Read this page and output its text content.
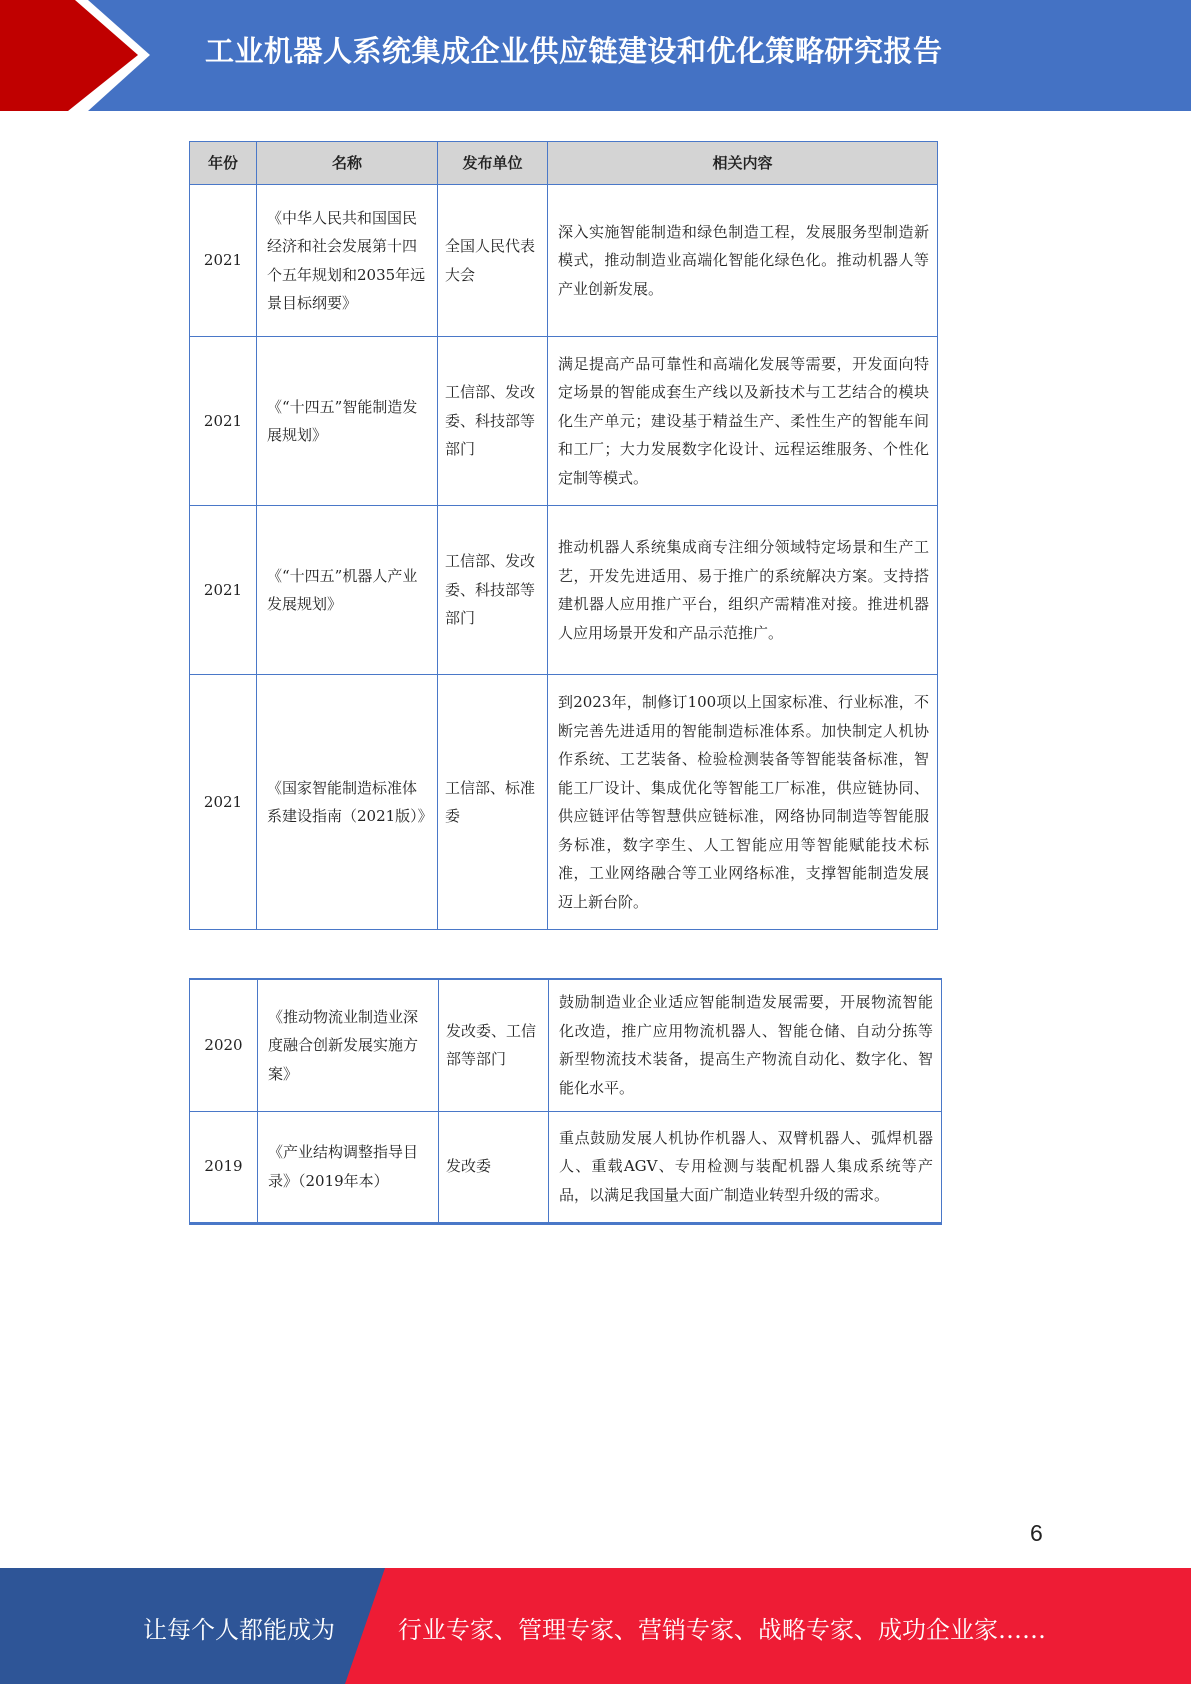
工业机器人系统集成企业供应链建设和优化策略研究报告
年份	名称	发布单位	相关内容
2021	《中华人民共和国国民经济和社会发展第十四个五年规划和2035年远景目标纲要》	全国人民代表大会	深入实施智能制造和绿色制造工程，发展服务型制造新模式，推动制造业高端化智能化绿色化。推动机器人等产业创新发展。
2021	《“十四五”智能制造发展规划》	工信部、发改委、科技部等部门	满足提高产品可靠性和高端化发展等需要，开发面向特定场景的智能成套生产线以及新技术与工艺结合的模块化生产单元；建设基于精益生产、柔性生产的智能车间和工厂；大力发展数字化设计、远程运维服务、个性化定制等模式。
2021	《“十四五”机器人产业发展规划》	工信部、发改委、科技部等部门	推动机器人系统集成商专注细分领域特定场景和生产工艺，开发先进适用、易于推广的系统解决方案。支持搭建机器人应用推广平台，组织产需精准对接。推进机器人应用场景开发和产品示范推广。
2021	《国家智能制造标准体系建设指南（2021版）》	工信部、标准委	到2023年，制修订100项以上国家标准、行业标准，不断完善先进适用的智能制造标准体系。加快制定人机协作系统、工艺装备、检验检测装备等智能装备标准，智能工厂设计、集成优化等智能工厂标准，供应链协同、供应链评估等智慧供应链标准，网络协同制造等智能服务标准，数字孪生、人工智能应用等智能赋能技术标准，工业网络融合等工业网络标准，支撑智能制造发展迈上新台阶。
2020	《推动物流业制造业深度融合创新发展实施方案》	发改委、工信部等部门	鼓励制造业企业适应智能制造发展需要，开展物流智能化改造，推广应用物流机器人、智能仓储、自动分拣等新型物流技术装备，提高生产物流自动化、数字化、智能化水平。
2019	《产业结构调整指导目录》（2019年本）	发改委	重点鼓励发展人机协作机器人、双臂机器人、弧焊机器人、重载AGV、专用检测与装配机器人集成系统等产品，以满足我国量大面广制造业转型升级的需求。
6
让每个人都能成为	行业专家、管理专家、营销专家、战略专家、成功企业家……
